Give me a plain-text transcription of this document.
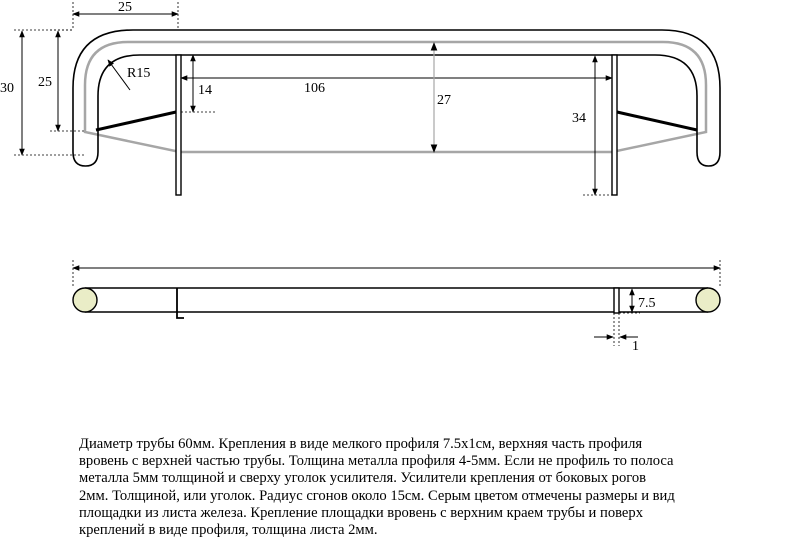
25
30 25
R15
14	106
27
34
7.5
1

Диаметр трубы 60мм. Крепления в виде мелкого профиля 7.5х1см, верхняя часть профиля
вровень с верхней частью трубы. Толщина металла профиля 4-5мм. Если не профиль то полоса
металла 5мм толщиной и сверху уголок усилителя. Усилители крепления от боковых рогов
2мм. Толщиной, или уголок. Радиус сгонов около 15см. Серым цветом отмечены размеры и вид
площадки из листа железа. Крепление площадки вровень с верхним краем трубы и поверх
креплений в виде профиля, толщина листа 2мм.
